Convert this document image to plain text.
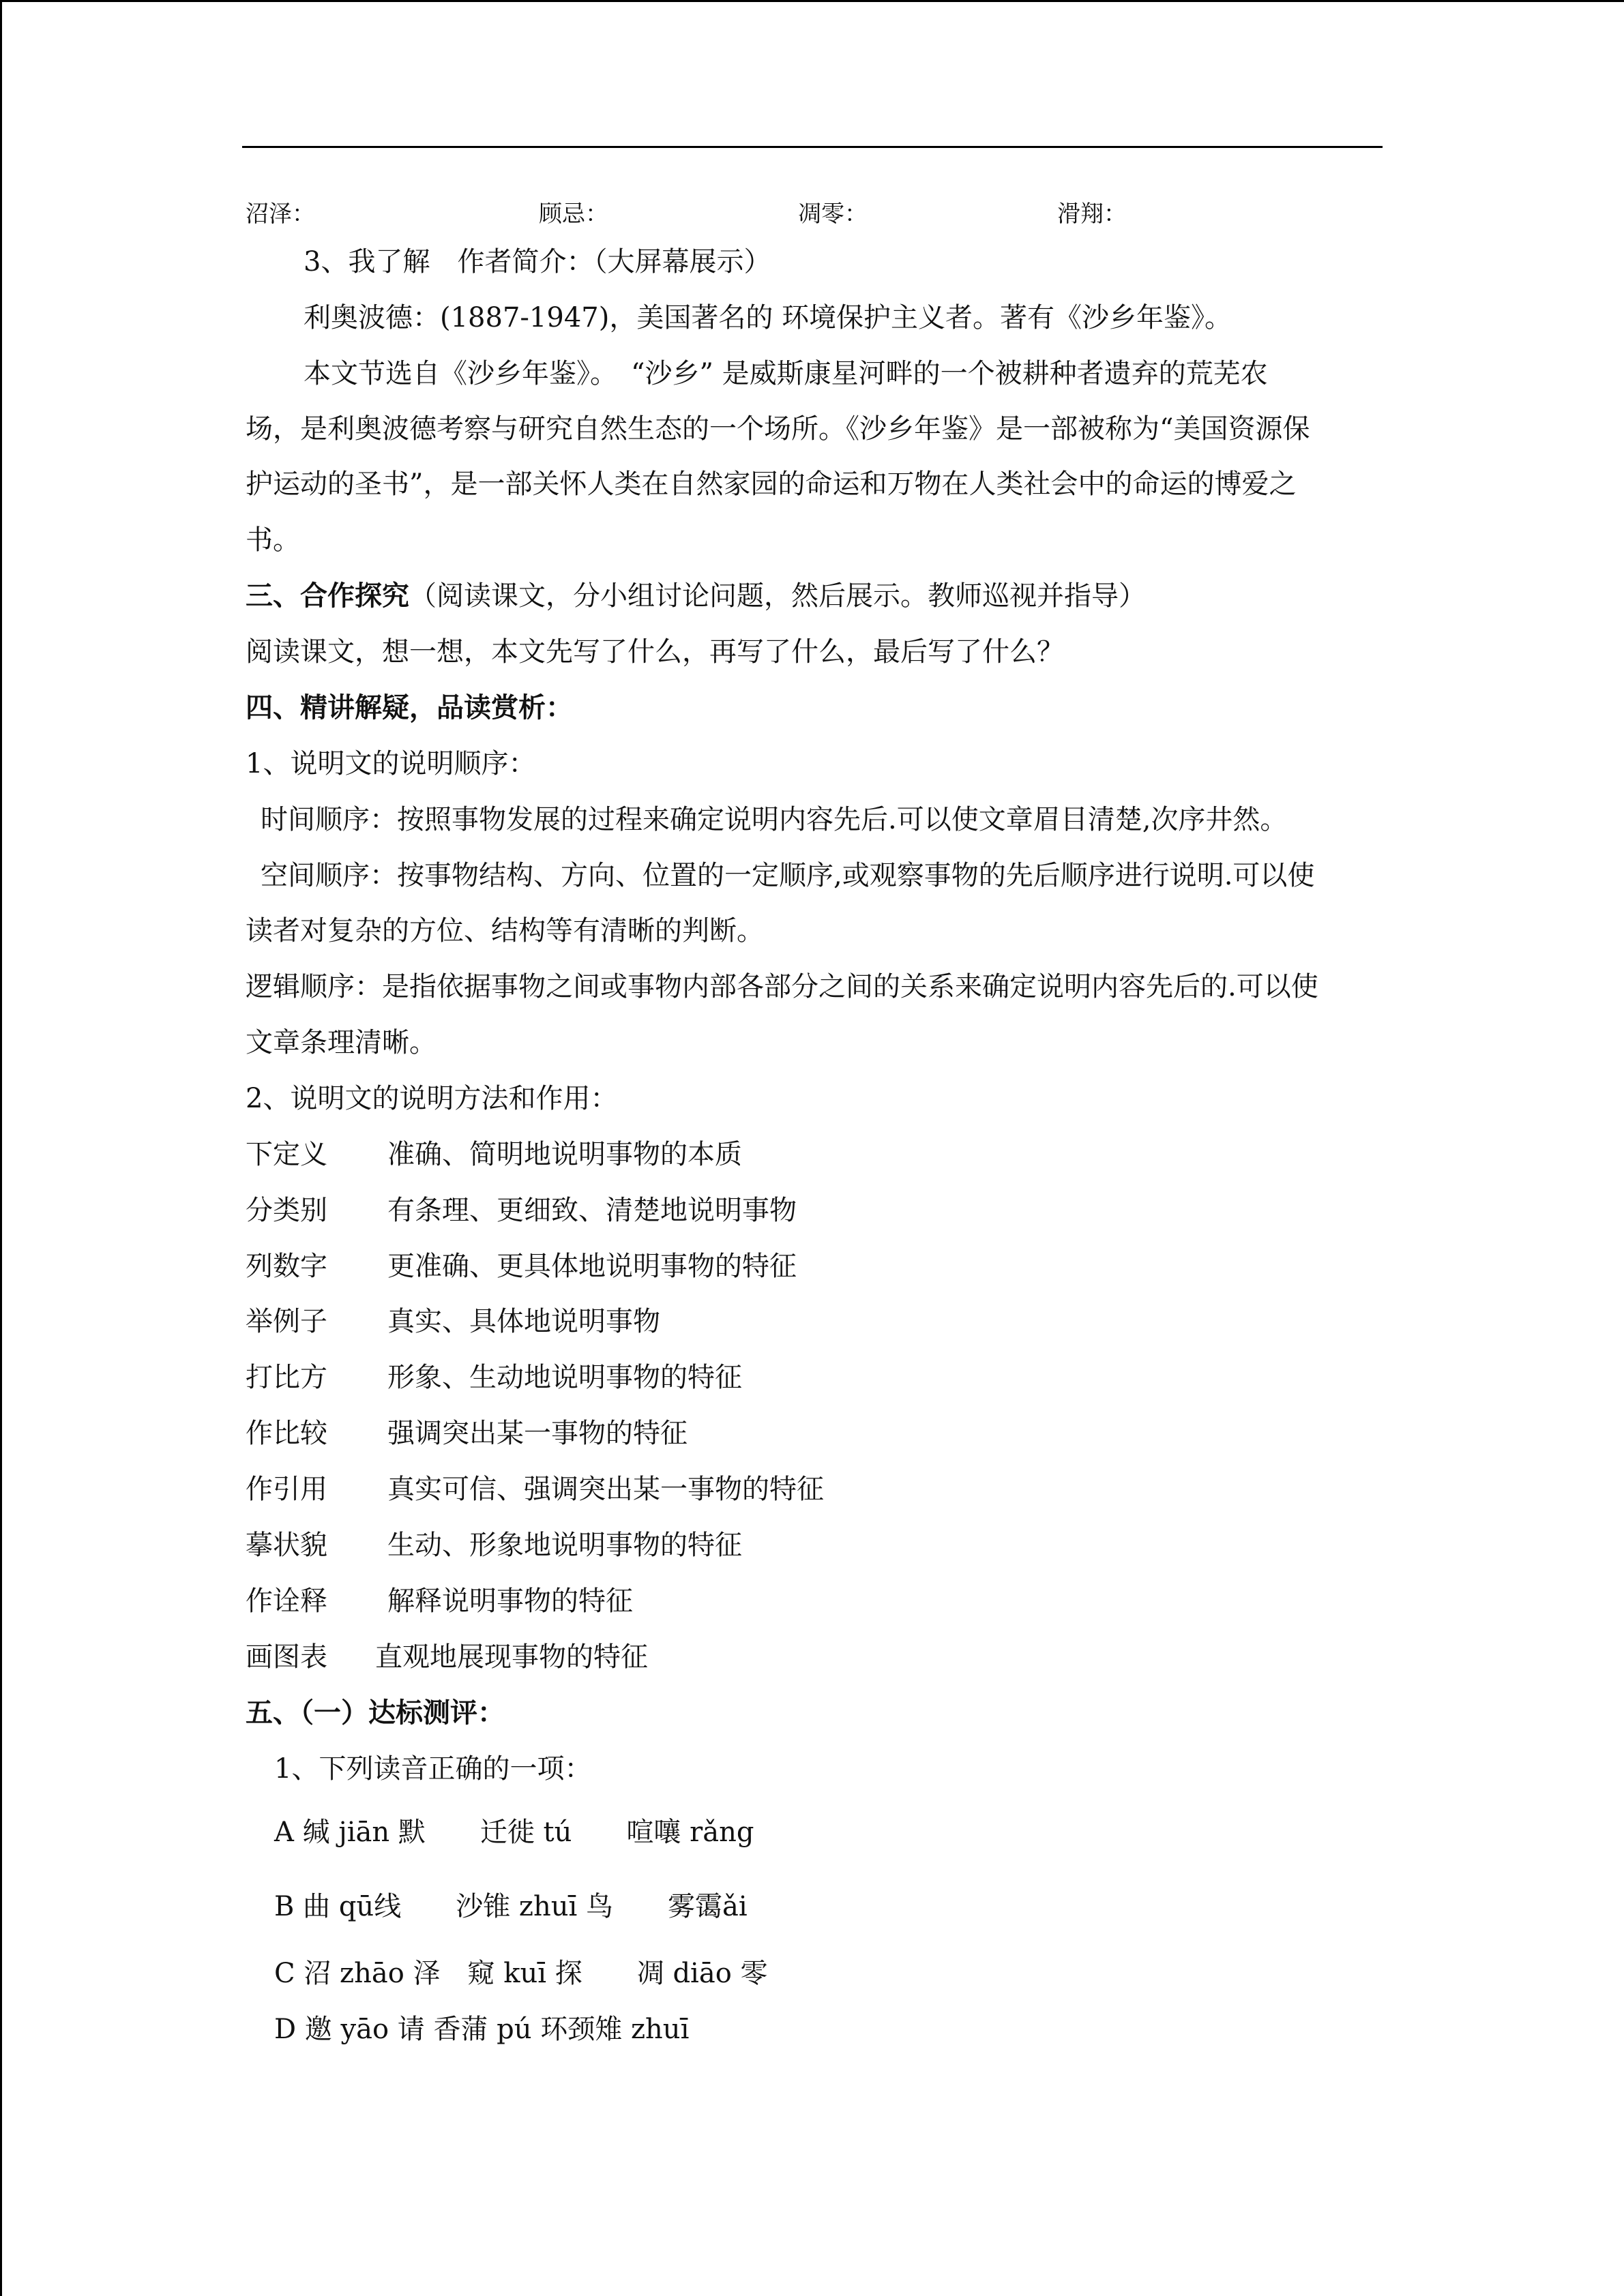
沼泽：	顾忌：	凋零：	滑翔：
3、我了解　作者简介：（大屏幕展示）
利奥波德：(1887-1947)，美国著名的 环境保护主义者。著有《沙乡年鉴》。
本文节选自《沙乡年鉴》。　“沙乡” 是威斯康星河畔的一个被耕种者遗弃的荒芜农
场，是利奥波德考察与研究自然生态的一个场所。《沙乡年鉴》是一部被称为“美国资源保
护运动的圣书”，是一部关怀人类在自然家园的命运和万物在人类社会中的命运的博爱之
书。
三、合作探究（阅读课文，分小组讨论问题，然后展示。教师巡视并指导）
阅读课文，想一想，本文先写了什么，再写了什么，最后写了什么？
四、精讲解疑，品读赏析：
1、说明文的说明顺序：
时间顺序：按照事物发展的过程来确定说明内容先后.可以使文章眉目清楚,次序井然。
空间顺序：按事物结构、方向、位置的一定顺序,或观察事物的先后顺序进行说明.可以使
读者对复杂的方位、结构等有清晰的判断。
逻辑顺序：是指依据事物之间或事物内部各部分之间的关系来确定说明内容先后的.可以使
文章条理清晰。
2、说明文的说明方法和作用：
下定义 准确、简明地说明事物的本质
分类别 有条理、更细致、清楚地说明事物
列数字 更准确、更具体地说明事物的特征
举例子 真实、具体地说明事物
打比方 形象、生动地说明事物的特征
作比较 强调突出某一事物的特征
作引用 真实可信、强调突出某一事物的特征
摹状貌 生动、形象地说明事物的特征
作诠释 解释说明事物的特征
画图表 直观地展现事物的特征
五、（一）达标测评：
1、下列读音正确的一项：
A 缄 jiān 默　　迁徙 tú　　喧嚷 rǎng
B 曲 qū线　　沙锥 zhuī 鸟　　雾霭ǎi
C 沼 zhāo 泽　窥 kuī 探　　凋 diāo 零
D 邀 yāo 请 香蒲 pú 环颈雉 zhuī
